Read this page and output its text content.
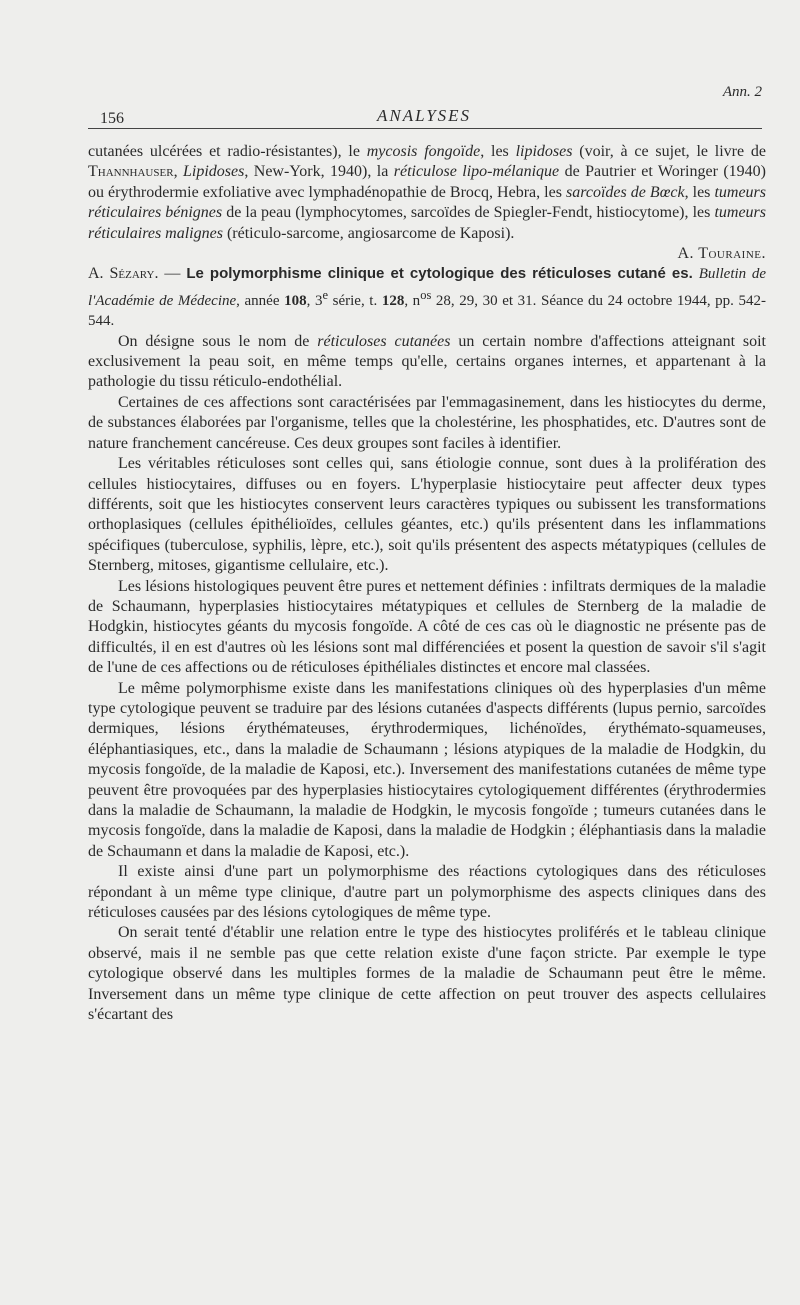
156	ANALYSES
Ann. 2

cutanées ulcérées et radio-résistantes), le mycosis fongoïde, les lipidoses (voir, à ce sujet, le livre de Thannhauser, Lipidoses, New-York, 1940), la réticulose lipo-mélanique de Pautrier et Woringer (1940) ou érythrodermie exfoliative avec lymphadénopathie de Brocq, Hebra, les sarcoïdes de Bœck, les tumeurs réticulaires bénignes de la peau (lymphocytomes, sarcoïdes de Spiegler-Fendt, histiocytome), les tumeurs réticulaires malignes (réticulo-sarcome, angiosarcome de Kaposi).

A. Touraine.

A. Sézary. — Le polymorphisme clinique et cytologique des réticuloses cutané es. Bulletin de l'Académie de Médecine, année 108, 3e série, t. 128, $n^{os}$ 28, 29, 30 et 31. Séance du 24 octobre 1944, pp. 542-544.

On désigne sous le nom de réticuloses cutanées un certain nombre d'affections atteignant soit exclusivement la peau soit, en même temps qu'elle, certains organes internes, et appartenant à la pathologie du tissu réticulo-endothélial.

Certaines de ces affections sont caractérisées par l'emmagasinement, dans les histiocytes du derme, de substances élaborées par l'organisme, telles que la cholestérine, les phosphatides, etc. D'autres sont de nature franchement cancéreuse. Ces deux groupes sont faciles à identifier.

Les véritables réticuloses sont celles qui, sans étiologie connue, sont dues à la prolifération des cellules histiocytaires, diffuses ou en foyers. L'hyperplasie histiocytaire peut affecter deux types différents, soit que les histiocytes conservent leurs caractères typiques ou subissent les transformations orthoplasiques (cellules épithélioïdes, cellules géantes, etc.) qu'ils présentent dans les inflammations spécifiques (tuberculose, syphilis, lèpre, etc.), soit qu'ils présentent des aspects métatypiques (cellules de Sternberg, mitoses, gigantisme cellulaire, etc.).

Les lésions histologiques peuvent être pures et nettement définies : infiltrats dermiques de la maladie de Schaumann, hyperplasies histiocytaires métatypiques et cellules de Sternberg de la maladie de Hodgkin, histiocytes géants du mycosis fongoïde. A côté de ces cas où le diagnostic ne présente pas de difficultés, il en est d'autres où les lésions sont mal différenciées et posent la question de savoir s'il s'agit de l'une de ces affections ou de réticuloses épithéliales distinctes et encore mal classées.

Le même polymorphisme existe dans les manifestations cliniques où des hyperplasies d'un même type cytologique peuvent se traduire par des lésions cutanées d'aspects différents (lupus pernio, sarcoïdes dermiques, lésions érythémateuses, érythrodermiques, lichénoïdes, érythémato-squameuses, éléphantiasiques, etc., dans la maladie de Schaumann ; lésions atypiques de la maladie de Hodgkin, du mycosis fongoïde, de la maladie de Kaposi, etc.). Inversement des manifestations cutanées de même type peuvent être provoquées par des hyperplasies histiocytaires cytologiquement différentes (érythrodermies dans la maladie de Schaumann, la maladie de Hodgkin, le mycosis fongoïde ; tumeurs cutanées dans le mycosis fongoïde, dans la maladie de Kaposi, dans la maladie de Hodgkin ; éléphantiasis dans la maladie de Schaumann et dans la maladie de Kaposi, etc.).

Il existe ainsi d'une part un polymorphisme des réactions cytologiques dans des réticuloses répondant à un même type clinique, d'autre part un polymorphisme des aspects cliniques dans des réticuloses causées par des lésions cytologiques de même type.

On serait tenté d'établir une relation entre le type des histiocytes proliférés et le tableau clinique observé, mais il ne semble pas que cette relation existe d'une façon stricte. Par exemple le type cytologique observé dans les multiples formes de la maladie de Schaumann peut être le même. Inversement dans un même type clinique de cette affection on peut trouver des aspects cellulaires s'écartant des
